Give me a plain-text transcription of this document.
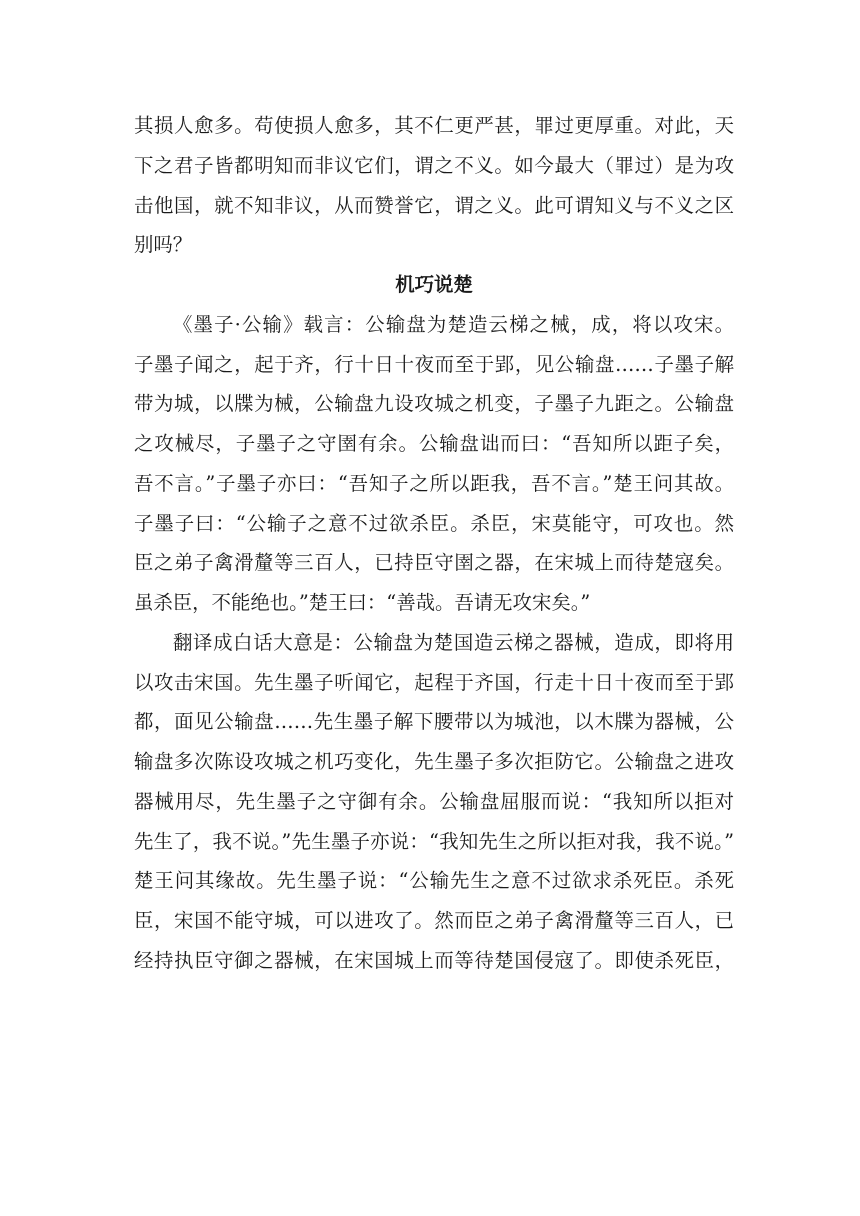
其损人愈多。苟使损人愈多，其不仁更严甚，罪过更厚重。对此，天
下之君子皆都明知而非议它们，谓之不义。如今最大（罪过）是为攻
击他国，就不知非议，从而赞誉它，谓之义。此可谓知义与不义之区
别吗？
机巧说楚
《墨子·公输》载言：公输盘为楚造云梯之械，成，将以攻宋。
子墨子闻之，起于齐，行十日十夜而至于郢，见公输盘……子墨子解
带为城，以牒为械，公输盘九设攻城之机变，子墨子九距之。公输盘
之攻械尽，子墨子之守圉有余。公输盘诎而曰：“吾知所以距子矣，
吾不言。”子墨子亦曰：“吾知子之所以距我，吾不言。”楚王问其故。
子墨子曰：“公输子之意不过欲杀臣。杀臣，宋莫能守，可攻也。然
臣之弟子禽滑釐等三百人，已持臣守圉之器，在宋城上而待楚寇矣。
虽杀臣，不能绝也。”楚王曰：“善哉。吾请无攻宋矣。”
翻译成白话大意是：公输盘为楚国造云梯之器械，造成，即将用
以攻击宋国。先生墨子听闻它，起程于齐国，行走十日十夜而至于郢
都，面见公输盘……先生墨子解下腰带以为城池，以木牒为器械，公
输盘多次陈设攻城之机巧变化，先生墨子多次拒防它。公输盘之进攻
器械用尽，先生墨子之守御有余。公输盘屈服而说：“我知所以拒对
先生了，我不说。”先生墨子亦说：“我知先生之所以拒对我，我不说。”
楚王问其缘故。先生墨子说：“公输先生之意不过欲求杀死臣。杀死
臣，宋国不能守城，可以进攻了。然而臣之弟子禽滑釐等三百人，已
经持执臣守御之器械，在宋国城上而等待楚国侵寇了。即使杀死臣，
